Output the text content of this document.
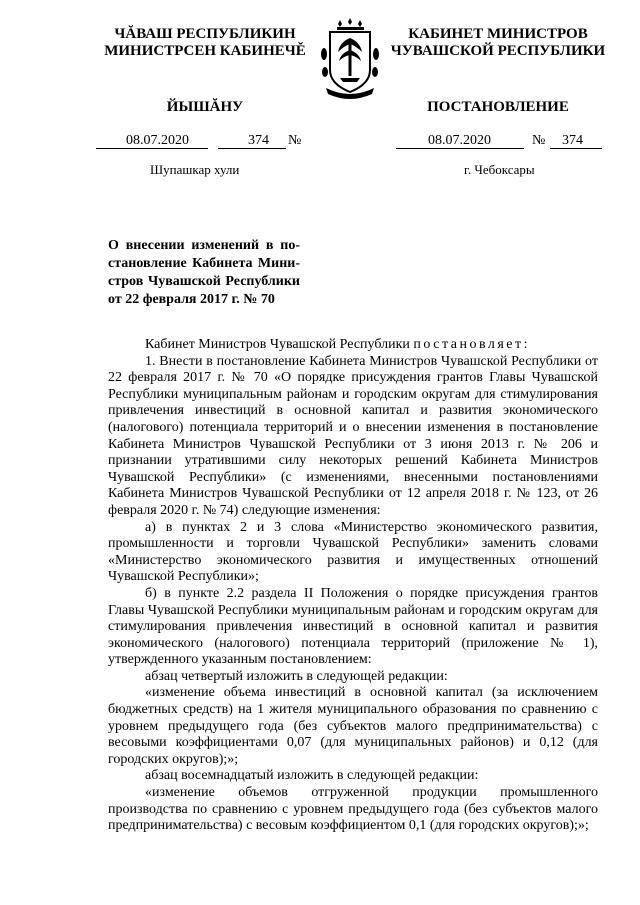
ЧĂВАШ РЕСПУБЛИКИН
МИНИСТРСЕН КАБИНЕЧĚ
ЙЫШĂНУ
КАБИНЕТ МИНИСТРОВ
ЧУВАШСКОЙ РЕСПУБЛИКИ
ПОСТАНОВЛЕНИЕ
08.07.2020	374 №	08.07.2020	№ 374
Шупашкар хули	г. Чебоксары
О внесении изменений в по-становление Кабинета Мини-стров Чувашской Республики от 22 февраля 2017 г. № 70

Кабинет Министров Чувашской Республики постановляет:

1. Внести в постановление Кабинета Министров Чувашской Республики от 22 февраля 2017 г. № 70 «О порядке присуждения грантов Главы Чувашской Республики муниципальным районам и городским округам для стимулирования привлечения инвестиций в основной капитал и развития экономического (налогового) потенциала территорий и о внесении изменения в постановление Кабинета Министров Чувашской Республики от 3 июня 2013 г. № 206 и признании утратившими силу некоторых решений Кабинета Министров Чувашской Республики» (с изменениями, внесенными постановлениями Кабинета Министров Чувашской Республики от 12 апреля 2018 г. № 123, от 26 февраля 2020 г. № 74) следующие изменения:

а) в пунктах 2 и 3 слова «Министерство экономического развития, промышленности и торговли Чувашской Республики» заменить словами «Министерство экономического развития и имущественных отношений Чувашской Республики»;

б) в пункте 2.2 раздела II Положения о порядке присуждения грантов Главы Чувашской Республики муниципальным районам и городским округам для стимулирования привлечения инвестиций в основной капитал и развития экономического (налогового) потенциала территорий (приложение № 1), утвержденного указанным постановлением:

абзац четвертый изложить в следующей редакции:

«изменение объема инвестиций в основной капитал (за исключением бюджетных средств) на 1 жителя муниципального образования по сравнению с уровнем предыдущего года (без субъектов малого предпринимательства) с весовыми коэффициентами 0,07 (для муниципальных районов) и 0,12 (для городских округов);»;

абзац восемнадцатый изложить в следующей редакции:

«изменение объемов отгруженной продукции промышленного производства по сравнению с уровнем предыдущего года (без субъектов малого предпринимательства) с весовым коэффициентом 0,1 (для городских округов);»;
